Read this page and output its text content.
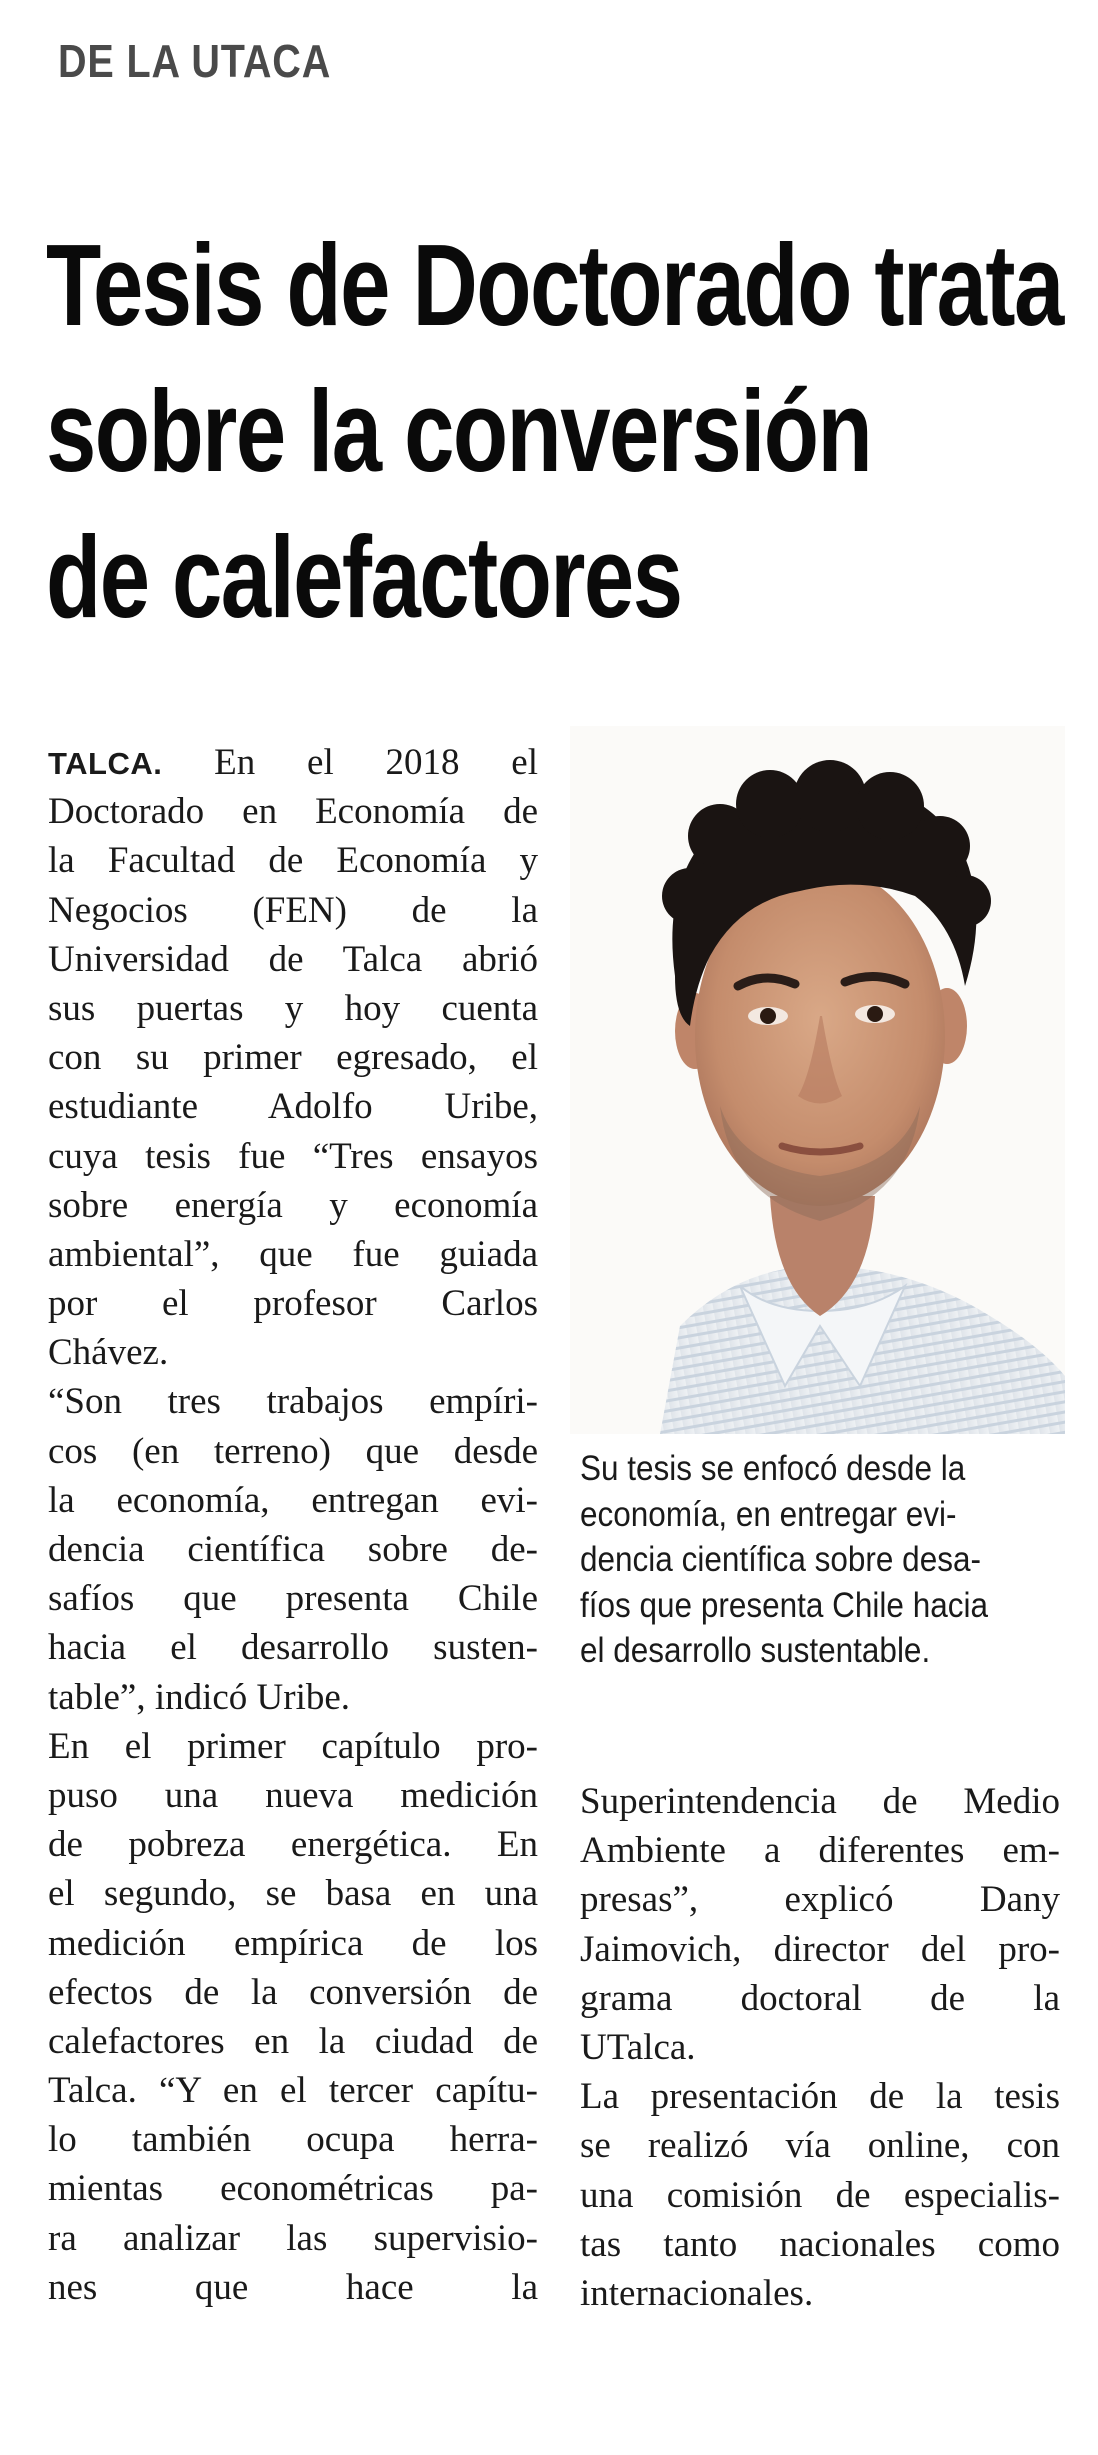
DE LA UTACA
Tesis de Doctorado trata
sobre la conversión
de calefactores
TALCA. En el 2018 el
Doctorado en Economía de
la Facultad de Economía y
Negocios (FEN) de la
Universidad de Talca abrió
sus puertas y hoy cuenta
con su primer egresado, el
estudiante Adolfo Uribe,
cuya tesis fue “Tres ensayos
sobre energía y economía
ambiental”, que fue guiada
por el profesor Carlos
Chávez.
“Son tres trabajos empíri-
cos (en terreno) que desde
la economía, entregan evi-
dencia científica sobre de-
safíos que presenta Chile
hacia el desarrollo susten-
table”, indicó Uribe.
En el primer capítulo pro-
puso una nueva medición
de pobreza energética. En
el segundo, se basa en una
medición empírica de los
efectos de la conversión de
calefactores en la ciudad de
Talca. “Y en el tercer capítu-
lo también ocupa herra-
mientas econométricas pa-
ra analizar las supervisio-
nes que hace la
Su tesis se enfocó desde la
economía, en entregar evi-
dencia científica sobre desa-
fíos que presenta Chile hacia
el desarrollo sustentable.
Superintendencia de Medio
Ambiente a diferentes em-
presas”, explicó Dany
Jaimovich, director del pro-
grama doctoral de la
UTalca.
La presentación de la tesis
se realizó vía online, con
una comisión de especialis-
tas tanto nacionales como
internacionales.
